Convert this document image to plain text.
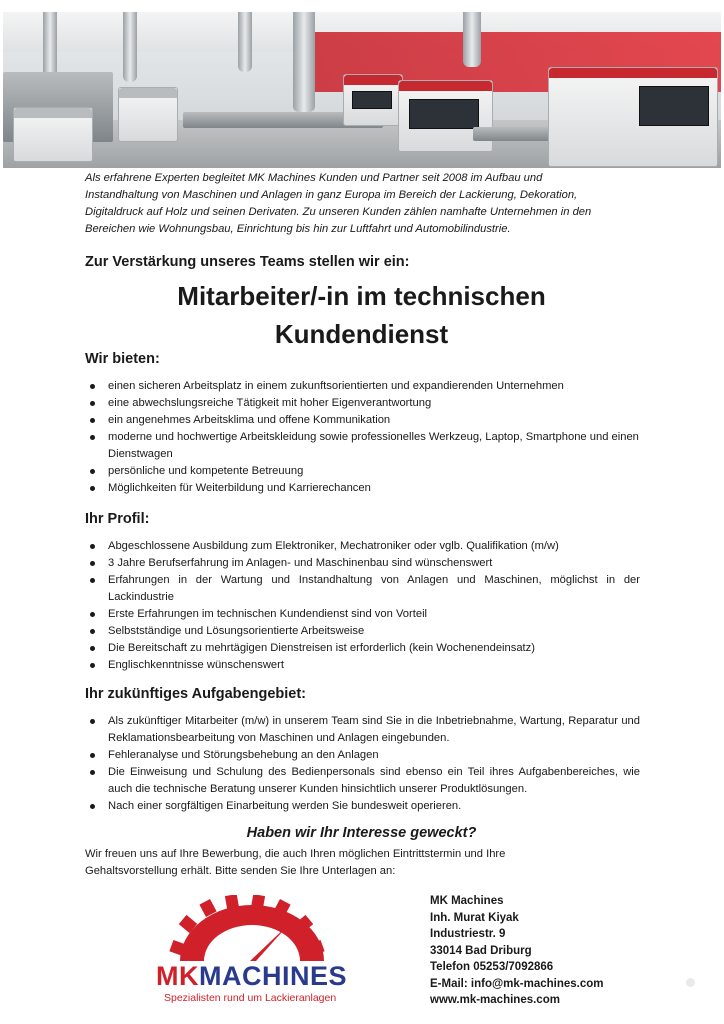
Als erfahrene Experten begleitet MK Machines Kunden und Partner seit 2008 im Aufbau und
Instandhaltung von Maschinen und Anlagen in ganz Europa im Bereich der Lackierung, Dekoration,
Digitaldruck auf Holz und seinen Derivaten. Zu unseren Kunden zählen namhafte Unternehmen in den
Bereichen wie Wohnungsbau, Einrichtung bis hin zur Luftfahrt und Automobilindustrie.
Zur Verstärkung unseres Teams stellen wir ein:
Mitarbeiter/-in im technischen
Kundendienst
Wir bieten:
einen sicheren Arbeitsplatz in einem zukunftsorientierten und expandierenden Unternehmen
eine abwechslungsreiche Tätigkeit mit hoher Eigenverantwortung
ein angenehmes Arbeitsklima und offene Kommunikation
moderne und hochwertige Arbeitskleidung sowie professionelles Werkzeug, Laptop, Smartphone und einen Dienstwagen
persönliche und kompetente Betreuung
Möglichkeiten für Weiterbildung und Karrierechancen
Ihr Profil:
Abgeschlossene Ausbildung zum Elektroniker, Mechatroniker oder vglb. Qualifikation (m/w)
3 Jahre Berufserfahrung im Anlagen- und Maschinenbau sind wünschenswert
Erfahrungen in der Wartung und Instandhaltung von Anlagen und Maschinen, möglichst in der Lackindustrie
Erste Erfahrungen im technischen Kundendienst sind von Vorteil
Selbstständige und Lösungsorientierte Arbeitsweise
Die Bereitschaft zu mehrtägigen Dienstreisen ist erforderlich (kein Wochenendeinsatz)
Englischkenntnisse wünschenswert
Ihr zukünftiges Aufgabengebiet:
Als zukünftiger Mitarbeiter (m/w) in unserem Team sind Sie in die Inbetriebnahme, Wartung, Reparatur und Reklamationsbearbeitung von Maschinen und Anlagen eingebunden.
Fehleranalyse und Störungsbehebung an den Anlagen
Die Einweisung und Schulung des Bedienpersonals sind ebenso ein Teil ihres Aufgabenbereiches, wie auch die technische Beratung unserer Kunden hinsichtlich unserer Produktlösungen.
Nach einer sorgfältigen Einarbeitung werden Sie bundesweit operieren.
Haben wir Ihr Interesse geweckt?
Wir freuen uns auf Ihre Bewerbung, die auch Ihren möglichen Eintrittstermin und Ihre
Gehaltsvorstellung erhält. Bitte senden Sie Ihre Unterlagen an:
MKMACHINES
Spezialisten rund um Lackieranlagen
MK Machines
Inh. Murat Kiyak
Industriestr. 9
33014 Bad Driburg
Telefon 05253/7092866
E-Mail: info@mk-machines.com
www.mk-machines.com
